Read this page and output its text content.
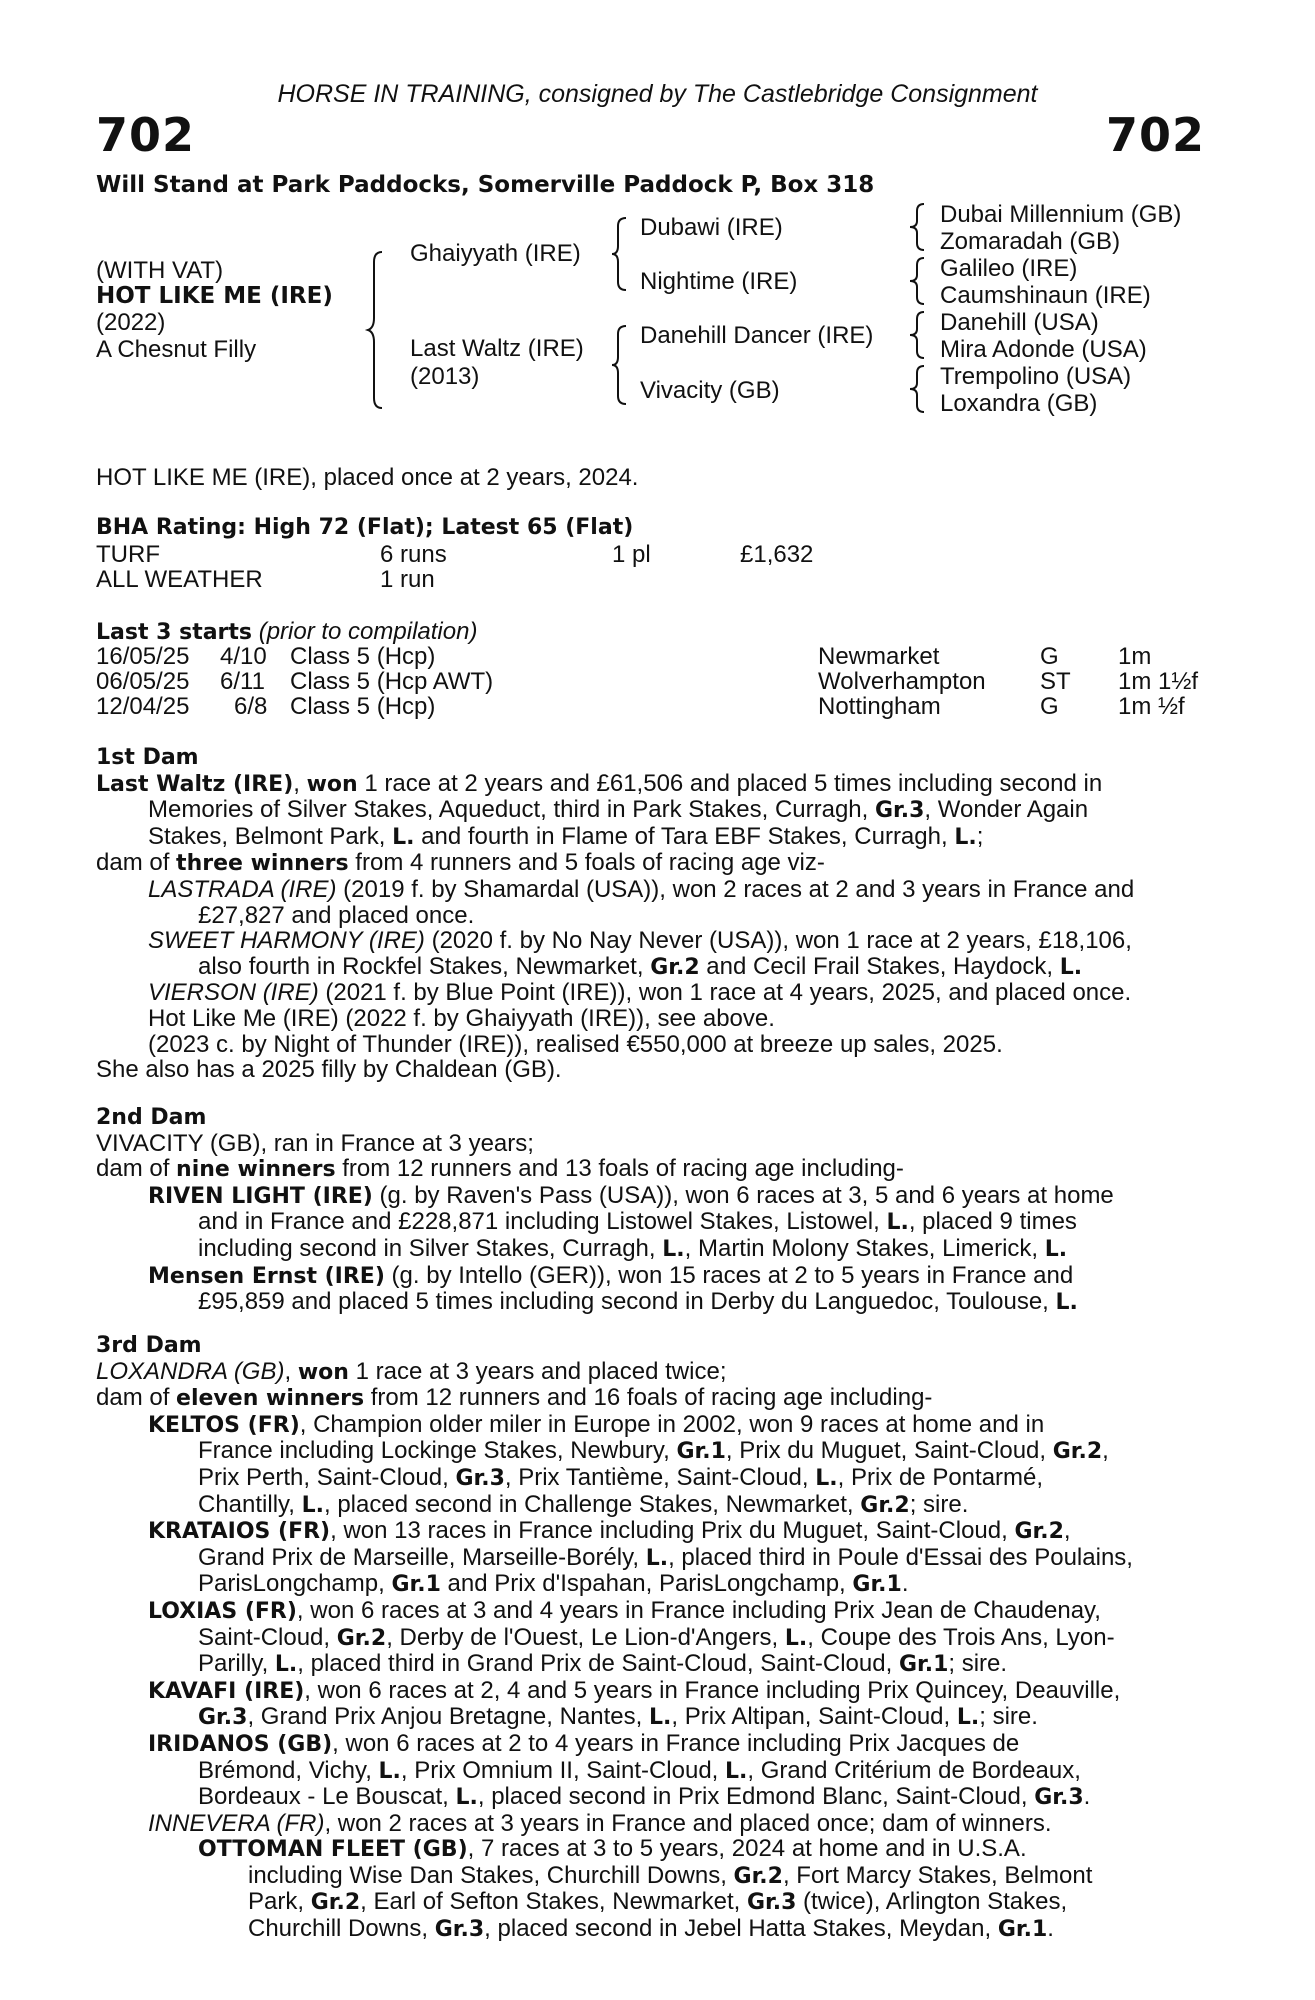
HORSE IN TRAINING, consigned by The Castlebridge Consignment
702	702
Will Stand at Park Paddocks, Somerville Paddock P, Box 318
(WITH VAT)
HOT LIKE ME (IRE)
(2022)
A Chesnut Filly
Ghaiyyath (IRE)
Last Waltz (IRE)
(2013)
Dubawi (IRE)
Nightime (IRE)
Danehill Dancer (IRE)
Vivacity (GB)
Dubai Millennium (GB)
Zomaradah (GB)
Galileo (IRE)
Caumshinaun (IRE)
Danehill (USA)
Mira Adonde (USA)
Trempolino (USA)
Loxandra (GB)
HOT LIKE ME (IRE), placed once at 2 years, 2024.
BHA Rating: High 72 (Flat); Latest 65 (Flat)
TURF	6 runs	1 pl	£1,632
ALL WEATHER	1 run
Last 3 starts (prior to compilation)
16/05/25 4/10 Class 5 (Hcp)	Newmarket	G 1m
06/05/25 6/11 Class 5 (Hcp AWT)	Wolverhampton ST 1m 1½f
12/04/25 6/8 Class 5 (Hcp)	Nottingham	G 1m ½f
1st Dam
Last Waltz (IRE), won 1 race at 2 years and £61,506 and placed 5 times including second in
Memories of Silver Stakes, Aqueduct, third in Park Stakes, Curragh, Gr.3, Wonder Again
Stakes, Belmont Park, L. and fourth in Flame of Tara EBF Stakes, Curragh, L.;
dam of three winners from 4 runners and 5 foals of racing age viz-
LASTRADA (IRE) (2019 f. by Shamardal (USA)), won 2 races at 2 and 3 years in France and
£27,827 and placed once.
SWEET HARMONY (IRE) (2020 f. by No Nay Never (USA)), won 1 race at 2 years, £18,106,
also fourth in Rockfel Stakes, Newmarket, Gr.2 and Cecil Frail Stakes, Haydock, L.
VIERSON (IRE) (2021 f. by Blue Point (IRE)), won 1 race at 4 years, 2025, and placed once.
Hot Like Me (IRE) (2022 f. by Ghaiyyath (IRE)), see above.
(2023 c. by Night of Thunder (IRE)), realised €550,000 at breeze up sales, 2025.
She also has a 2025 filly by Chaldean (GB).
2nd Dam
VIVACITY (GB), ran in France at 3 years;
dam of nine winners from 12 runners and 13 foals of racing age including-
RIVEN LIGHT (IRE) (g. by Raven's Pass (USA)), won 6 races at 3, 5 and 6 years at home
and in France and £228,871 including Listowel Stakes, Listowel, L., placed 9 times
including second in Silver Stakes, Curragh, L., Martin Molony Stakes, Limerick, L.
Mensen Ernst (IRE) (g. by Intello (GER)), won 15 races at 2 to 5 years in France and
£95,859 and placed 5 times including second in Derby du Languedoc, Toulouse, L.
3rd Dam
LOXANDRA (GB), won 1 race at 3 years and placed twice;
dam of eleven winners from 12 runners and 16 foals of racing age including-
KELTOS (FR), Champion older miler in Europe in 2002, won 9 races at home and in
France including Lockinge Stakes, Newbury, Gr.1, Prix du Muguet, Saint-Cloud, Gr.2,
Prix Perth, Saint-Cloud, Gr.3, Prix Tantième, Saint-Cloud, L., Prix de Pontarmé,
Chantilly, L., placed second in Challenge Stakes, Newmarket, Gr.2; sire.
KRATAIOS (FR), won 13 races in France including Prix du Muguet, Saint-Cloud, Gr.2,
Grand Prix de Marseille, Marseille-Borély, L., placed third in Poule d'Essai des Poulains,
ParisLongchamp, Gr.1 and Prix d'Ispahan, ParisLongchamp, Gr.1.
LOXIAS (FR), won 6 races at 3 and 4 years in France including Prix Jean de Chaudenay,
Saint-Cloud, Gr.2, Derby de l'Ouest, Le Lion-d'Angers, L., Coupe des Trois Ans, Lyon-
Parilly, L., placed third in Grand Prix de Saint-Cloud, Saint-Cloud, Gr.1; sire.
KAVAFI (IRE), won 6 races at 2, 4 and 5 years in France including Prix Quincey, Deauville,
Gr.3, Grand Prix Anjou Bretagne, Nantes, L., Prix Altipan, Saint-Cloud, L.; sire.
IRIDANOS (GB), won 6 races at 2 to 4 years in France including Prix Jacques de
Brémond, Vichy, L., Prix Omnium II, Saint-Cloud, L., Grand Critérium de Bordeaux,
Bordeaux - Le Bouscat, L., placed second in Prix Edmond Blanc, Saint-Cloud, Gr.3.
INNEVERA (FR), won 2 races at 3 years in France and placed once; dam of winners.
OTTOMAN FLEET (GB), 7 races at 3 to 5 years, 2024 at home and in U.S.A.
including Wise Dan Stakes, Churchill Downs, Gr.2, Fort Marcy Stakes, Belmont
Park, Gr.2, Earl of Sefton Stakes, Newmarket, Gr.3 (twice), Arlington Stakes,
Churchill Downs, Gr.3, placed second in Jebel Hatta Stakes, Meydan, Gr.1.
